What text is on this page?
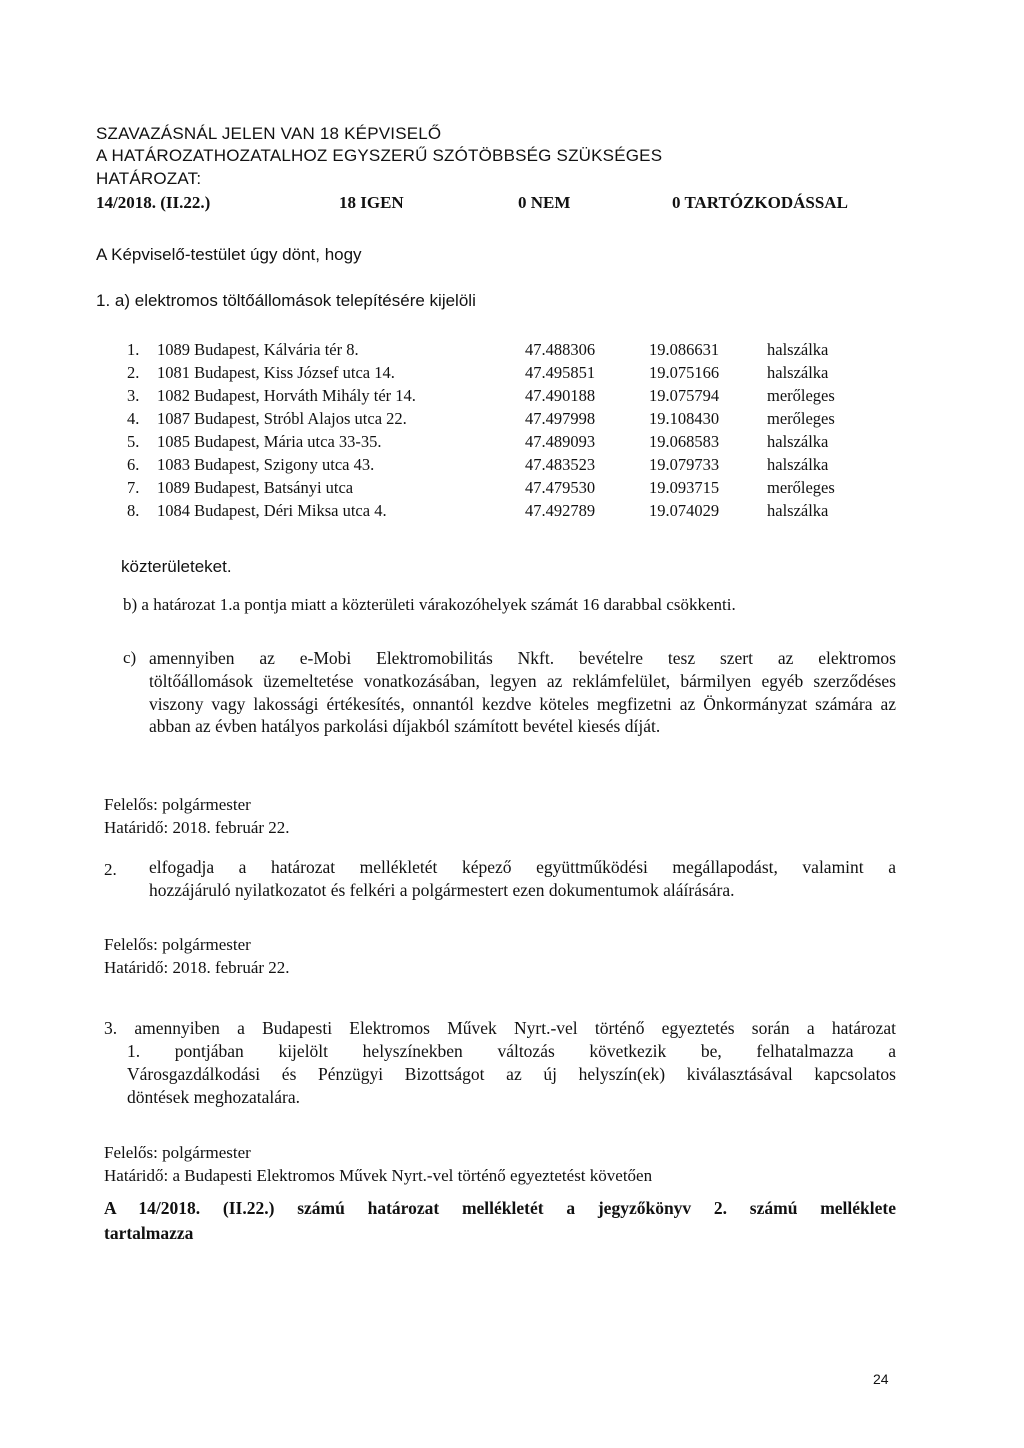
SZAVAZÁSNÁL JELEN VAN 18 KÉPVISELŐ
A HATÁROZATHOZATALHOZ EGYSZERŰ SZÓTÖBBSÉG SZÜKSÉGES
HATÁROZAT:
14/2018. (II.22.)	18 IGEN	0 NEM	0 TARTÓZKODÁSSAL
A Képviselő-testület úgy dönt, hogy
1. a) elektromos töltőállomások telepítésére kijelöli
1. 1089 Budapest, Kálvária tér 8.	47.488306	19.086631	halszálka
2. 1081 Budapest, Kiss József utca 14.	47.495851	19.075166	halszálka
3. 1082 Budapest, Horváth Mihály tér 14.	47.490188	19.075794	merőleges
4. 1087 Budapest, Stróbl Alajos utca 22.	47.497998	19.108430	merőleges
5. 1085 Budapest, Mária utca 33-35.	47.489093	19.068583	halszálka
6. 1083 Budapest, Szigony utca 43.	47.483523	19.079733	halszálka
7. 1089 Budapest, Batsányi utca	47.479530	19.093715	merőleges
8. 1084 Budapest, Déri Miksa utca 4.	47.492789	19.074029	halszálka
közterületeket.
b) a határozat 1.a pontja miatt a közterületi várakozóhelyek számát 16 darabbal csökkenti.
c) amennyiben az e-Mobi Elektromobilitás Nkft. bevételre tesz szert az elektromos
töltőállomások üzemeltetése vonatkozásában, legyen az reklámfelület, bármilyen egyéb szerződéses viszony vagy lakossági értékesítés, onnantól kezdve köteles megfizetni az Önkormányzat számára az abban az évben hatályos parkolási díjakból számított bevétel kiesés díját.
Felelős: polgármester
Határidő: 2018. február 22.
2. elfogadja a határozat mellékletét képező együttműködési megállapodást, valamint a
hozzájáruló nyilatkozatot és felkéri a polgármestert ezen dokumentumok aláírására.
Felelős: polgármester
Határidő: 2018. február 22.
3. amennyiben a Budapesti Elektromos Művek Nyrt.-vel történő egyeztetés során a határozat
1. pontjában kijelölt helyszínekben változás következik be, felhatalmazza a
Városgazdálkodási és Pénzügyi Bizottságot az új helyszín(ek) kiválasztásával kapcsolatos
döntések meghozatalára.
Felelős: polgármester
Határidő: a Budapesti Elektromos Művek Nyrt.-vel történő egyeztetést követően
A 14/2018. (II.22.) számú határozat mellékletét a jegyzőkönyv 2. számú melléklete
tartalmazza
24
